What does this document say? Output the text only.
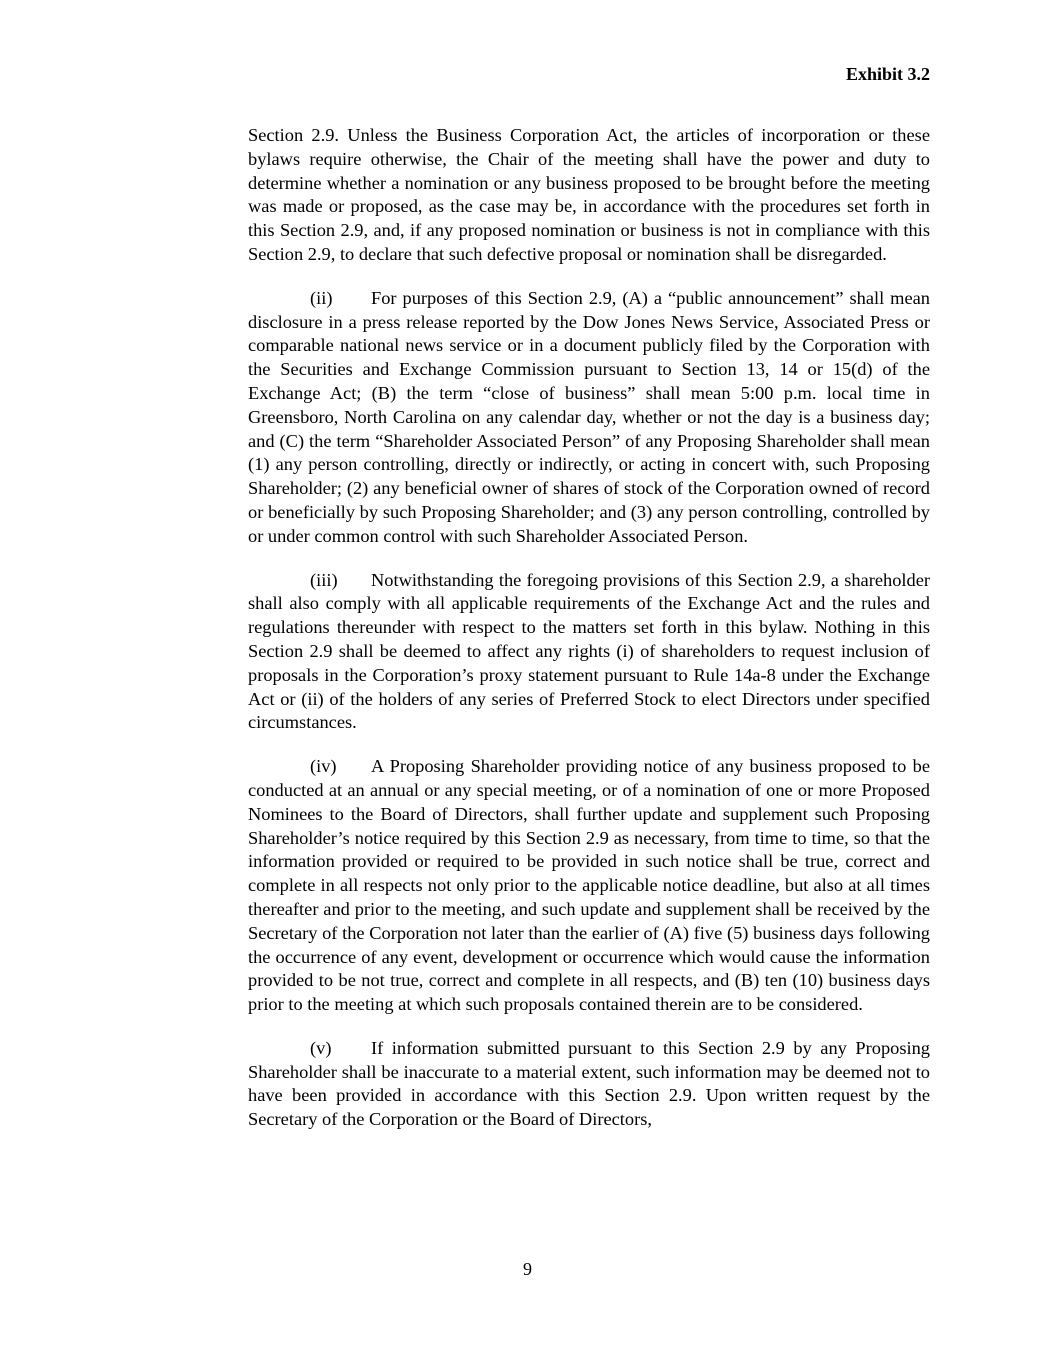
Exhibit 3.2

Section 2.9. Unless the Business Corporation Act, the articles of incorporation or these bylaws require otherwise, the Chair of the meeting shall have the power and duty to determine whether a nomination or any business proposed to be brought before the meeting was made or proposed, as the case may be, in accordance with the procedures set forth in this Section 2.9, and, if any proposed nomination or business is not in compliance with this Section 2.9, to declare that such defective proposal or nomination shall be disregarded.

(ii) For purposes of this Section 2.9, (A) a “public announcement” shall mean disclosure in a press release reported by the Dow Jones News Service, Associated Press or comparable national news service or in a document publicly filed by the Corporation with the Securities and Exchange Commission pursuant to Section 13, 14 or 15(d) of the Exchange Act; (B) the term “close of business” shall mean 5:00 p.m. local time in Greensboro, North Carolina on any calendar day, whether or not the day is a business day; and (C) the term “Shareholder Associated Person” of any Proposing Shareholder shall mean (1) any person controlling, directly or indirectly, or acting in concert with, such Proposing Shareholder; (2) any beneficial owner of shares of stock of the Corporation owned of record or beneficially by such Proposing Shareholder; and (3) any person controlling, controlled by or under common control with such Shareholder Associated Person.

(iii) Notwithstanding the foregoing provisions of this Section 2.9, a shareholder shall also comply with all applicable requirements of the Exchange Act and the rules and regulations thereunder with respect to the matters set forth in this bylaw. Nothing in this Section 2.9 shall be deemed to affect any rights (i) of shareholders to request inclusion of proposals in the Corporation’s proxy statement pursuant to Rule 14a-8 under the Exchange Act or (ii) of the holders of any series of Preferred Stock to elect Directors under specified circumstances.

(iv) A Proposing Shareholder providing notice of any business proposed to be conducted at an annual or any special meeting, or of a nomination of one or more Proposed Nominees to the Board of Directors, shall further update and supplement such Proposing Shareholder’s notice required by this Section 2.9 as necessary, from time to time, so that the information provided or required to be provided in such notice shall be true, correct and complete in all respects not only prior to the applicable notice deadline, but also at all times thereafter and prior to the meeting, and such update and supplement shall be received by the Secretary of the Corporation not later than the earlier of (A) five (5) business days following the occurrence of any event, development or occurrence which would cause the information provided to be not true, correct and complete in all respects, and (B) ten (10) business days prior to the meeting at which such proposals contained therein are to be considered.

(v) If information submitted pursuant to this Section 2.9 by any Proposing Shareholder shall be inaccurate to a material extent, such information may be deemed not to have been provided in accordance with this Section 2.9. Upon written request by the Secretary of the Corporation or the Board of Directors,

9
